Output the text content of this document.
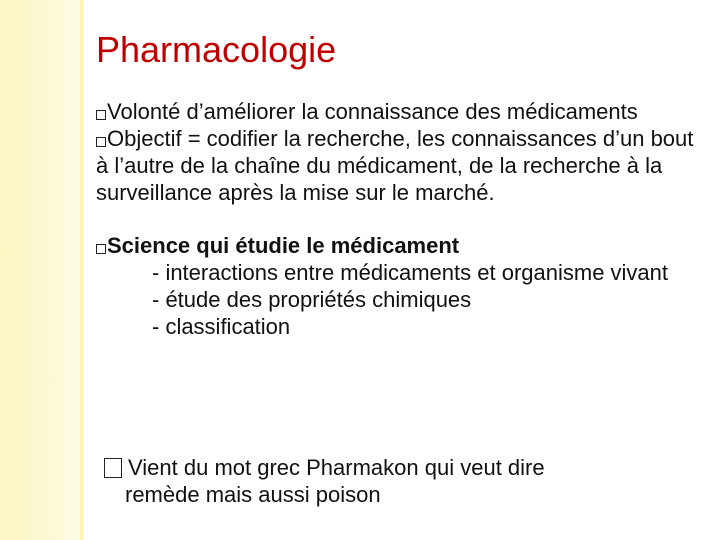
Pharmacologie

Volonté d’améliorer la connaissance des médicaments

Objectif = codifier la recherche, les connaissances d’un bout à l’autre de la chaîne du médicament, de la recherche à la surveillance après la mise sur le marché.

Science qui étudie le médicament

- interactions entre médicaments et organisme vivant

- étude des propriétés chimiques

- classification

Vient du mot grec Pharmakon qui veut dire
remède mais aussi poison
